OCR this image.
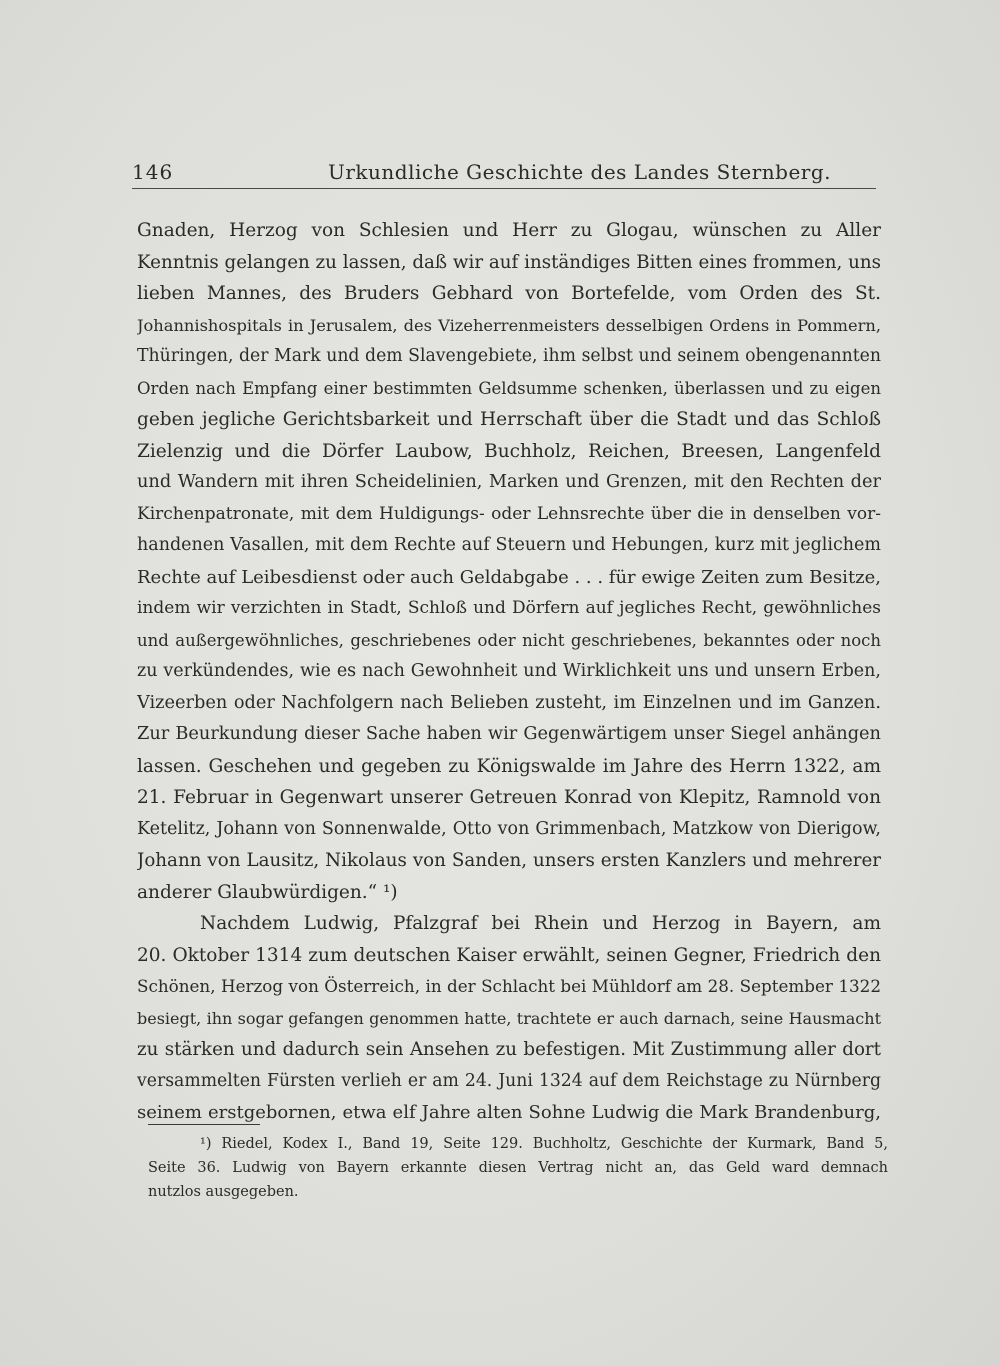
146	Urkundliche Geschichte des Landes Sternberg.
Gnaden, Herzog von Schlesien und Herr zu Glogau, wünschen zu Aller
Kenntnis gelangen zu lassen, daß wir auf inständiges Bitten eines frommen, uns
lieben Mannes, des Bruders Gebhard von Bortefelde, vom Orden des St.
Johannishospitals in Jerusalem, des Vizeherrenmeisters desselbigen Ordens in Pommern,
Thüringen, der Mark und dem Slavengebiete, ihm selbst und seinem obengenannten
Orden nach Empfang einer bestimmten Geldsumme schenken, überlassen und zu eigen
geben jegliche Gerichtsbarkeit und Herrschaft über die Stadt und das Schloß
Zielenzig und die Dörfer Laubow, Buchholz, Reichen, Breesen, Langenfeld
und Wandern mit ihren Scheidelinien, Marken und Grenzen, mit den Rechten der
Kirchenpatronate, mit dem Huldigungs- oder Lehnsrechte über die in denselben vor-
handenen Vasallen, mit dem Rechte auf Steuern und Hebungen, kurz mit jeglichem
Rechte auf Leibesdienst oder auch Geldabgabe . . . für ewige Zeiten zum Besitze,
indem wir verzichten in Stadt, Schloß und Dörfern auf jegliches Recht, gewöhnliches
und außergewöhnliches, geschriebenes oder nicht geschriebenes, bekanntes oder noch
zu verkündendes, wie es nach Gewohnheit und Wirklichkeit uns und unsern Erben,
Vizeerben oder Nachfolgern nach Belieben zusteht, im Einzelnen und im Ganzen.
Zur Beurkundung dieser Sache haben wir Gegenwärtigem unser Siegel anhängen
lassen. Geschehen und gegeben zu Königswalde im Jahre des Herrn 1322, am
21. Februar in Gegenwart unserer Getreuen Konrad von Klepitz, Ramnold von
Ketelitz, Johann von Sonnenwalde, Otto von Grimmenbach, Matzkow von Dierigow,
Johann von Lausitz, Nikolaus von Sanden, unsers ersten Kanzlers und mehrerer
anderer Glaubwürdigen.“ ¹)
Nachdem Ludwig, Pfalzgraf bei Rhein und Herzog in Bayern, am
20. Oktober 1314 zum deutschen Kaiser erwählt, seinen Gegner, Friedrich den
Schönen, Herzog von Österreich, in der Schlacht bei Mühldorf am 28. September 1322
besiegt, ihn sogar gefangen genommen hatte, trachtete er auch darnach, seine Hausmacht
zu stärken und dadurch sein Ansehen zu befestigen. Mit Zustimmung aller dort
versammelten Fürsten verlieh er am 24. Juni 1324 auf dem Reichstage zu Nürnberg
seinem erstgebornen, etwa elf Jahre alten Sohne Ludwig die Mark Brandenburg,
¹) Riedel, Kodex I., Band 19, Seite 129. Buchholtz, Geschichte der Kurmark, Band 5,
Seite 36. Ludwig von Bayern erkannte diesen Vertrag nicht an, das Geld ward demnach
nutzlos ausgegeben.
